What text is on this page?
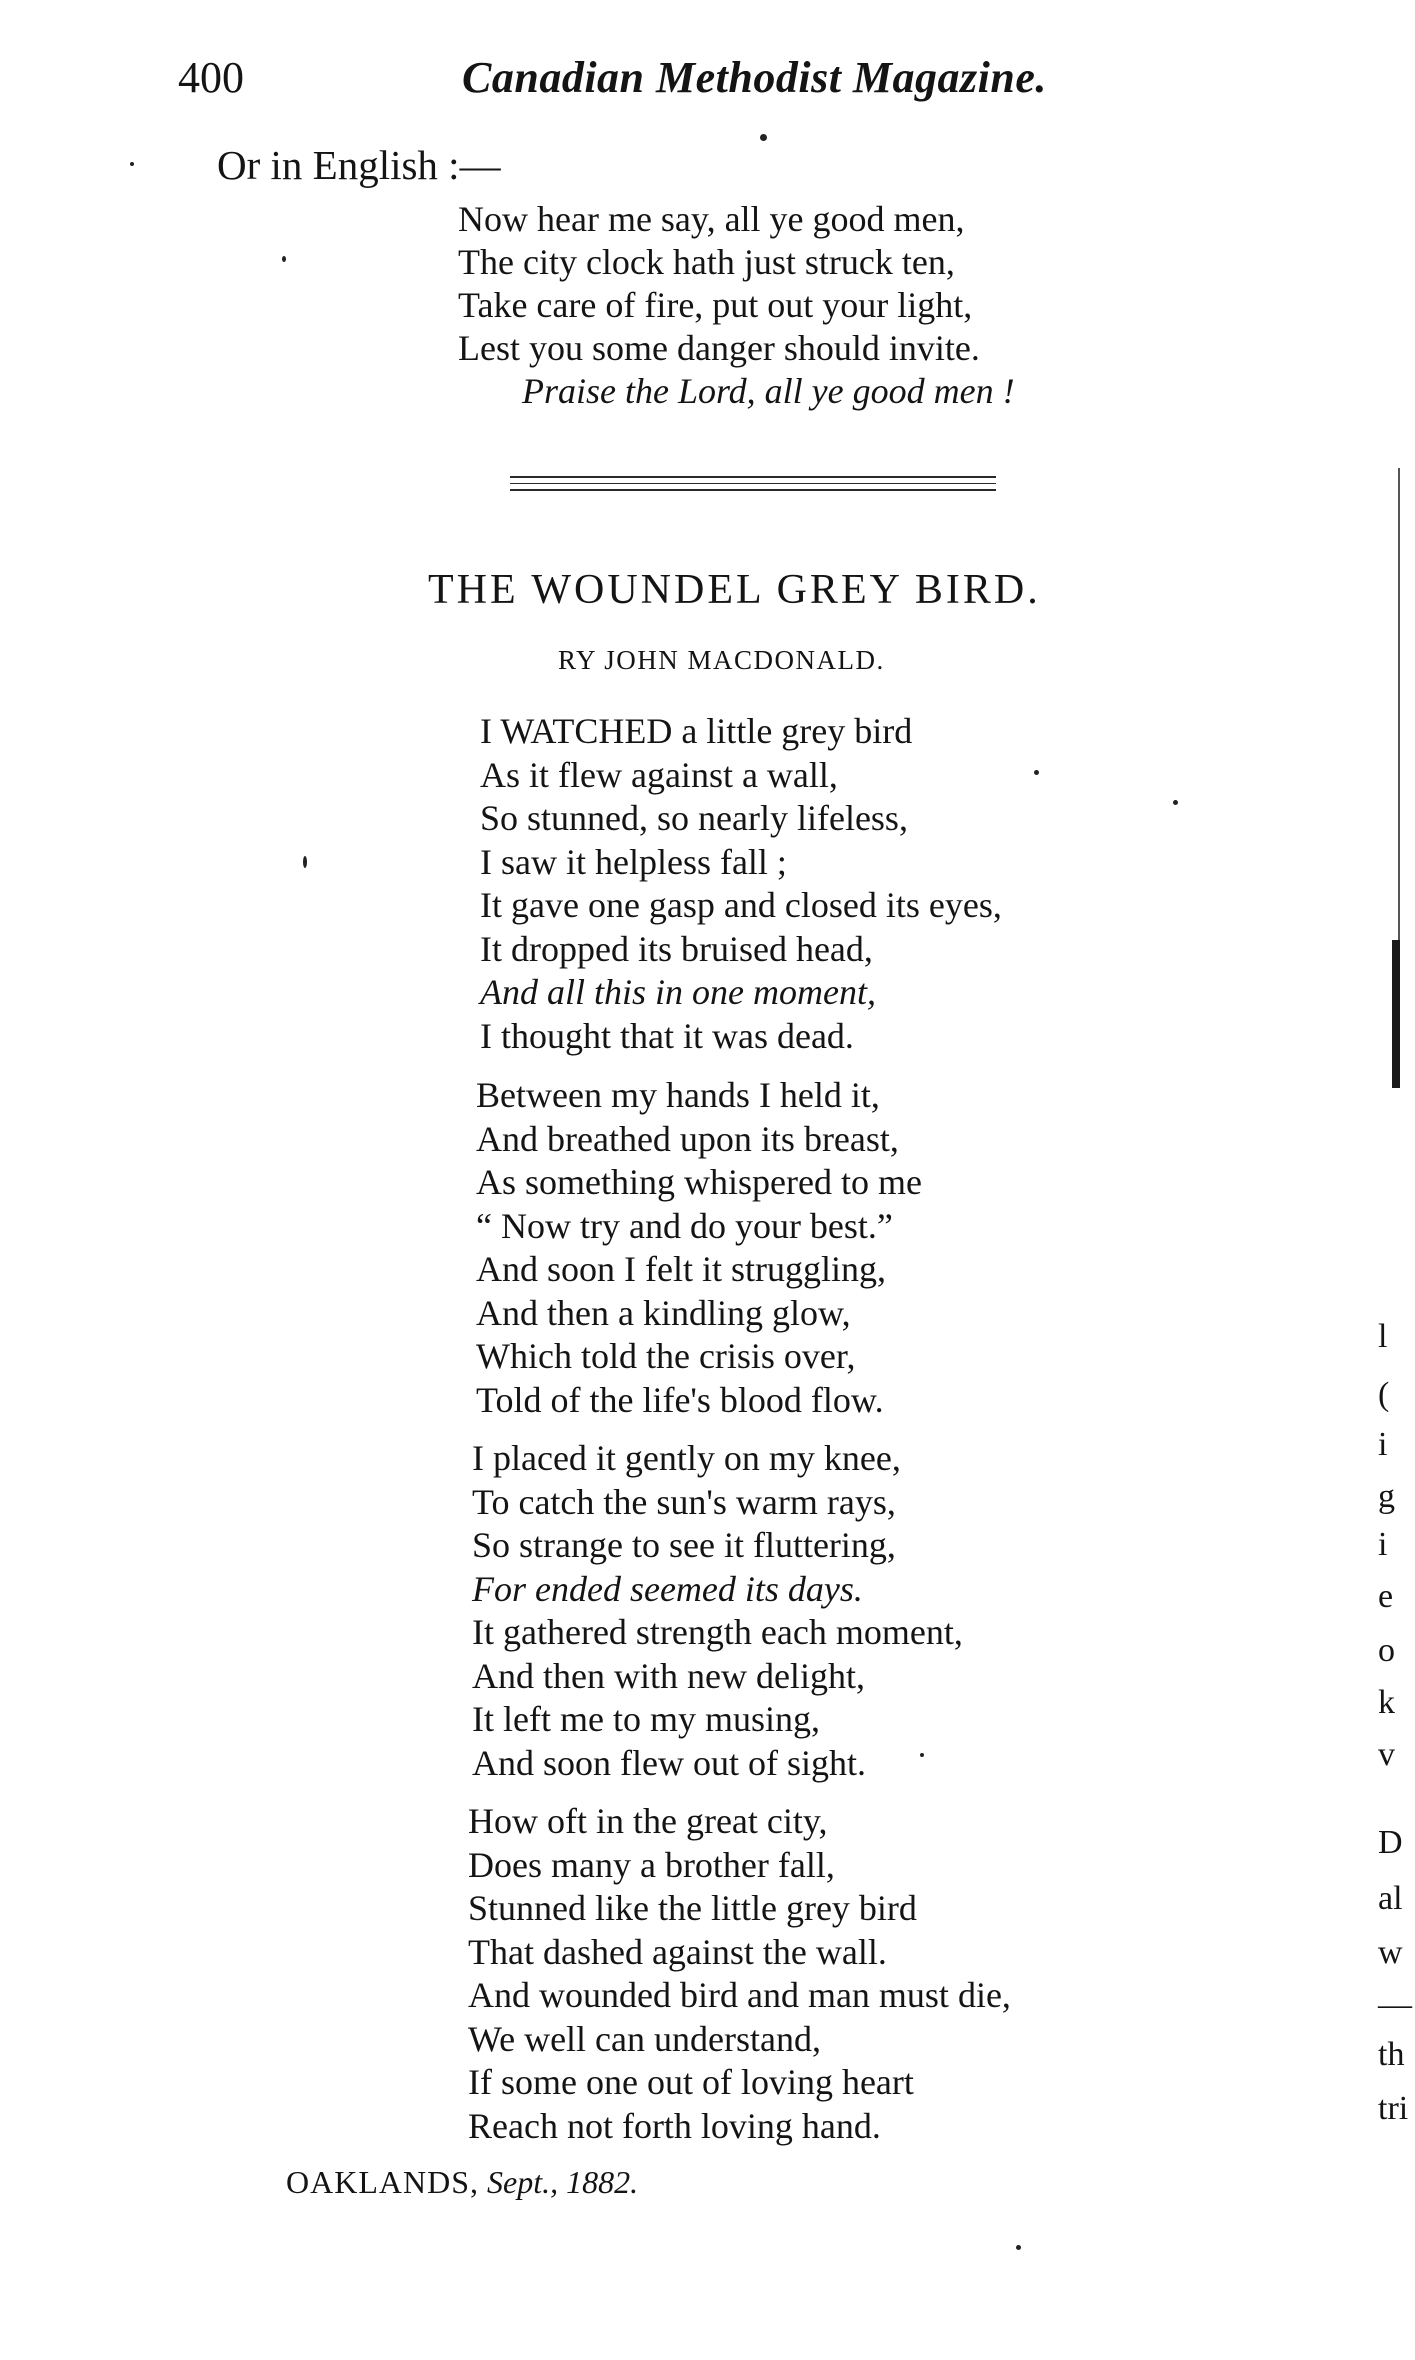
400	Canadian Methodist Magazine.
Or in English :—
Now hear me say, all ye good men,
The city clock hath just struck ten,
Take care of fire, put out your light,
Lest you some danger should invite.
Praise the Lord, all ye good men !
THE WOUNDEL GREY BIRD.
RY JOHN MACDONALD.
I WATCHED a little grey bird
As it flew against a wall,
So stunned, so nearly lifeless,
I saw it helpless fall ;
It gave one gasp and closed its eyes,
It dropped its bruised head,
And all this in one moment,
I thought that it was dead.
Between my hands I held it,
And breathed upon its breast,
As something whispered to me
“ Now try and do your best.”
And soon I felt it struggling,
And then a kindling glow,
Which told the crisis over,
Told of the life's blood flow.
I placed it gently on my knee,
To catch the sun's warm rays,
So strange to see it fluttering,
For ended seemed its days.
It gathered strength each moment,
And then with new delight,
It left me to my musing,
And soon flew out of sight.
How oft in the great city,
Does many a brother fall,
Stunned like the little grey bird
That dashed against the wall.
And wounded bird and man must die,
We well can understand,
If some one out of loving heart
Reach not forth loving hand.
OAKLANDS, Sept., 1882.
l
(
i
g
i
e
o
k
v
D
al
w
—
th
tri
